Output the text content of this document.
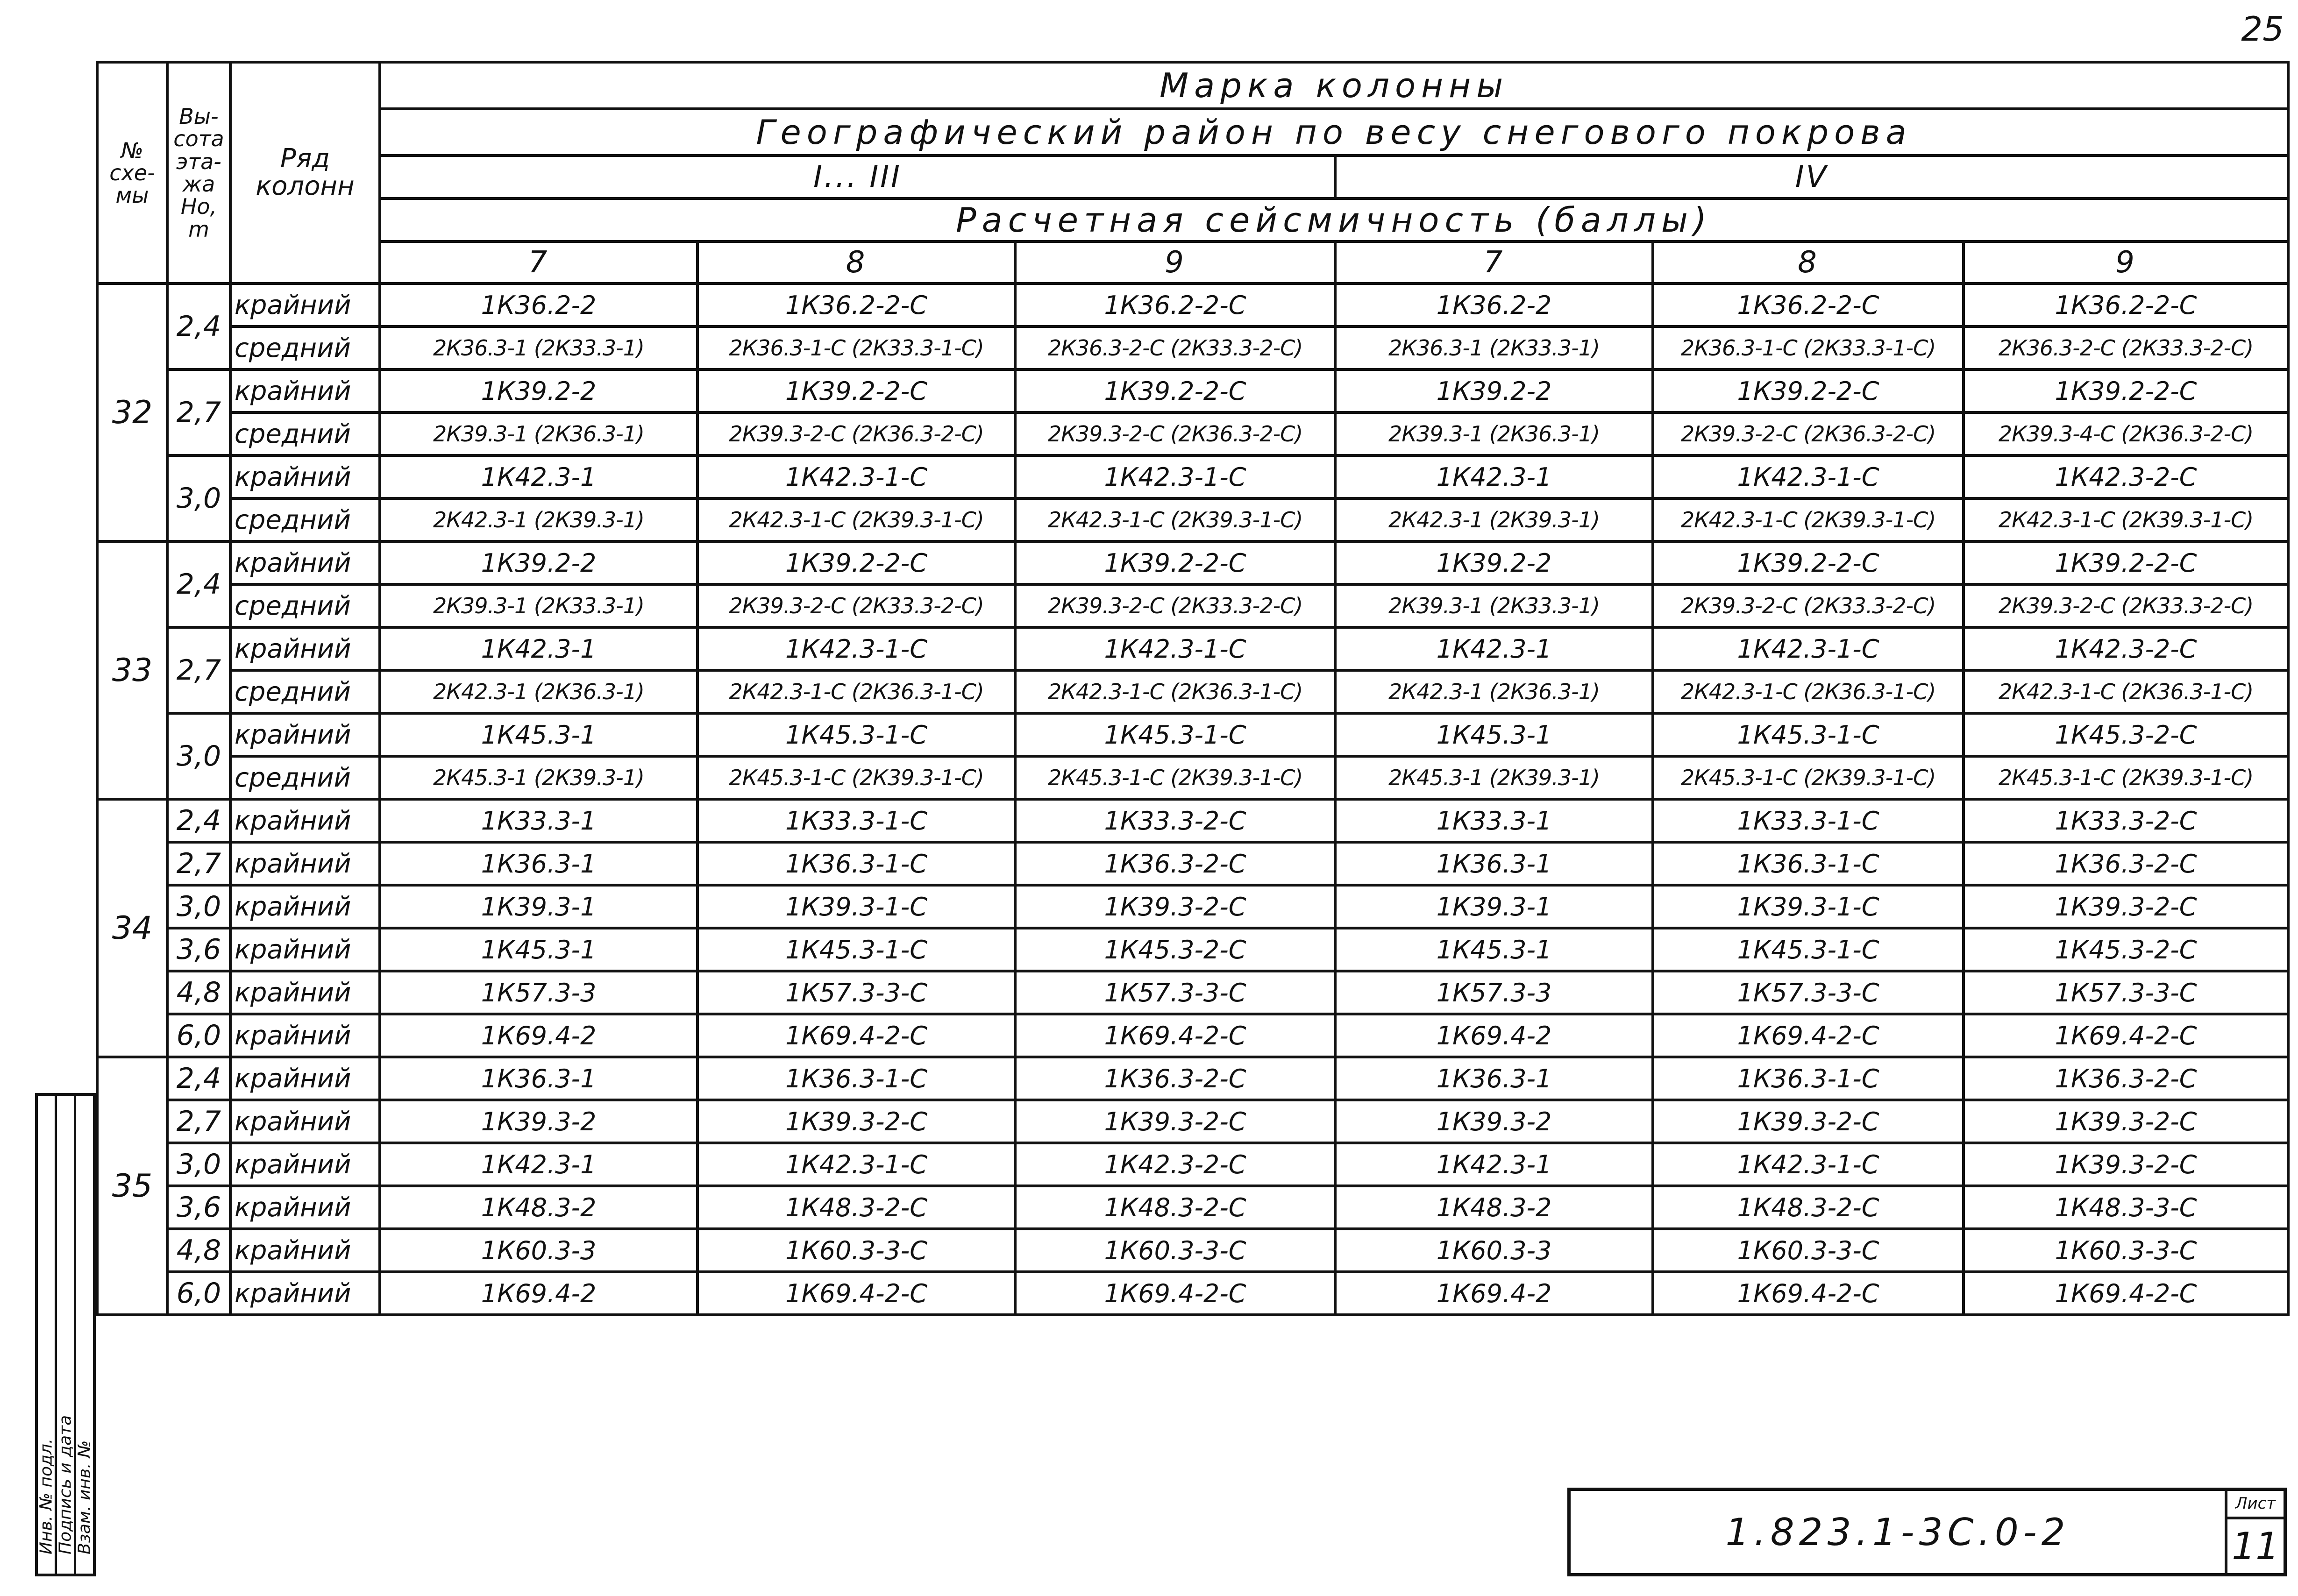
25
№ схе- мы	Вы- сота эта- жа Но, m	Ряд колонн	Марка колонны					
			Географический район по весу снегового покрова					
			I... III			IV		
			Расчетная сейсмичность (баллы)					
			7	8	9	7	8	9
32	2,4	крайний	1К36.2-2	1К36.2-2-С	1К36.2-2-С	1К36.2-2	1К36.2-2-С	1К36.2-2-С
		средний	2К36.3-1 (2К33.3-1)	2К36.3-1-С (2К33.3-1-С)	2К36.3-2-С (2К33.3-2-С)	2К36.3-1 (2К33.3-1)	2К36.3-1-С (2К33.3-1-С)	2К36.3-2-С (2К33.3-2-С)
	2,7	крайний	1К39.2-2	1К39.2-2-С	1К39.2-2-С	1К39.2-2	1К39.2-2-С	1К39.2-2-С
		средний	2К39.3-1 (2К36.3-1)	2К39.3-2-С (2К36.3-2-С)	2К39.3-2-С (2К36.3-2-С)	2К39.3-1 (2К36.3-1)	2К39.3-2-С (2К36.3-2-С)	2К39.3-4-С (2К36.3-2-С)
	3,0	крайний	1К42.3-1	1К42.3-1-С	1К42.3-1-С	1К42.3-1	1К42.3-1-С	1К42.3-2-С
		средний	2К42.3-1 (2К39.3-1)	2К42.3-1-С (2К39.3-1-С)	2К42.3-1-С (2К39.3-1-С)	2К42.3-1 (2К39.3-1)	2К42.3-1-С (2К39.3-1-С)	2К42.3-1-С (2К39.3-1-С)
33	2,4	крайний	1К39.2-2	1К39.2-2-С	1К39.2-2-С	1К39.2-2	1К39.2-2-С	1К39.2-2-С
		средний	2К39.3-1 (2К33.3-1)	2К39.3-2-С (2К33.3-2-С)	2К39.3-2-С (2К33.3-2-С)	2К39.3-1 (2К33.3-1)	2К39.3-2-С (2К33.3-2-С)	2К39.3-2-С (2К33.3-2-С)
	2,7	крайний	1К42.3-1	1К42.3-1-С	1К42.3-1-С	1К42.3-1	1К42.3-1-С	1К42.3-2-С
		средний	2К42.3-1 (2К36.3-1)	2К42.3-1-С (2К36.3-1-С)	2К42.3-1-С (2К36.3-1-С)	2К42.3-1 (2К36.3-1)	2К42.3-1-С (2К36.3-1-С)	2К42.3-1-С (2К36.3-1-С)
	3,0	крайний	1К45.3-1	1К45.3-1-С	1К45.3-1-С	1К45.3-1	1К45.3-1-С	1К45.3-2-С
		средний	2К45.3-1 (2К39.3-1)	2К45.3-1-С (2К39.3-1-С)	2К45.3-1-С (2К39.3-1-С)	2К45.3-1 (2К39.3-1)	2К45.3-1-С (2К39.3-1-С)	2К45.3-1-С (2К39.3-1-С)
34	2,4	крайний	1К33.3-1	1К33.3-1-С	1К33.3-2-С	1К33.3-1	1К33.3-1-С	1К33.3-2-С
	2,7	крайний	1К36.3-1	1К36.3-1-С	1К36.3-2-С	1К36.3-1	1К36.3-1-С	1К36.3-2-С
	3,0	крайний	1К39.3-1	1К39.3-1-С	1К39.3-2-С	1К39.3-1	1К39.3-1-С	1К39.3-2-С
	3,6	крайний	1К45.3-1	1К45.3-1-С	1К45.3-2-С	1К45.3-1	1К45.3-1-С	1К45.3-2-С
	4,8	крайний	1К57.3-3	1К57.3-3-С	1К57.3-3-С	1К57.3-3	1К57.3-3-С	1К57.3-3-С
	6,0	крайний	1К69.4-2	1К69.4-2-С	1К69.4-2-С	1К69.4-2	1К69.4-2-С	1К69.4-2-С
35	2,4	крайний	1К36.3-1	1К36.3-1-С	1К36.3-2-С	1К36.3-1	1К36.3-1-С	1К36.3-2-С
	2,7	крайний	1К39.3-2	1К39.3-2-С	1К39.3-2-С	1К39.3-2	1К39.3-2-С	1К39.3-2-С
	3,0	крайний	1К42.3-1	1К42.3-1-С	1К42.3-2-С	1К42.3-1	1К42.3-1-С	1К39.3-2-С
	3,6	крайний	1К48.3-2	1К48.3-2-С	1К48.3-2-С	1К48.3-2	1К48.3-2-С	1К48.3-3-С
	4,8	крайний	1К60.3-3	1К60.3-3-С	1К60.3-3-С	1К60.3-3	1К60.3-3-С	1К60.3-3-С
	6,0	крайний	1К69.4-2	1К69.4-2-С	1К69.4-2-С	1К69.4-2	1К69.4-2-С	1К69.4-2-С
Инв. № подл. Подпись и дата Взам. инв. №	1.823.1-3С.0-2
Лист
11
